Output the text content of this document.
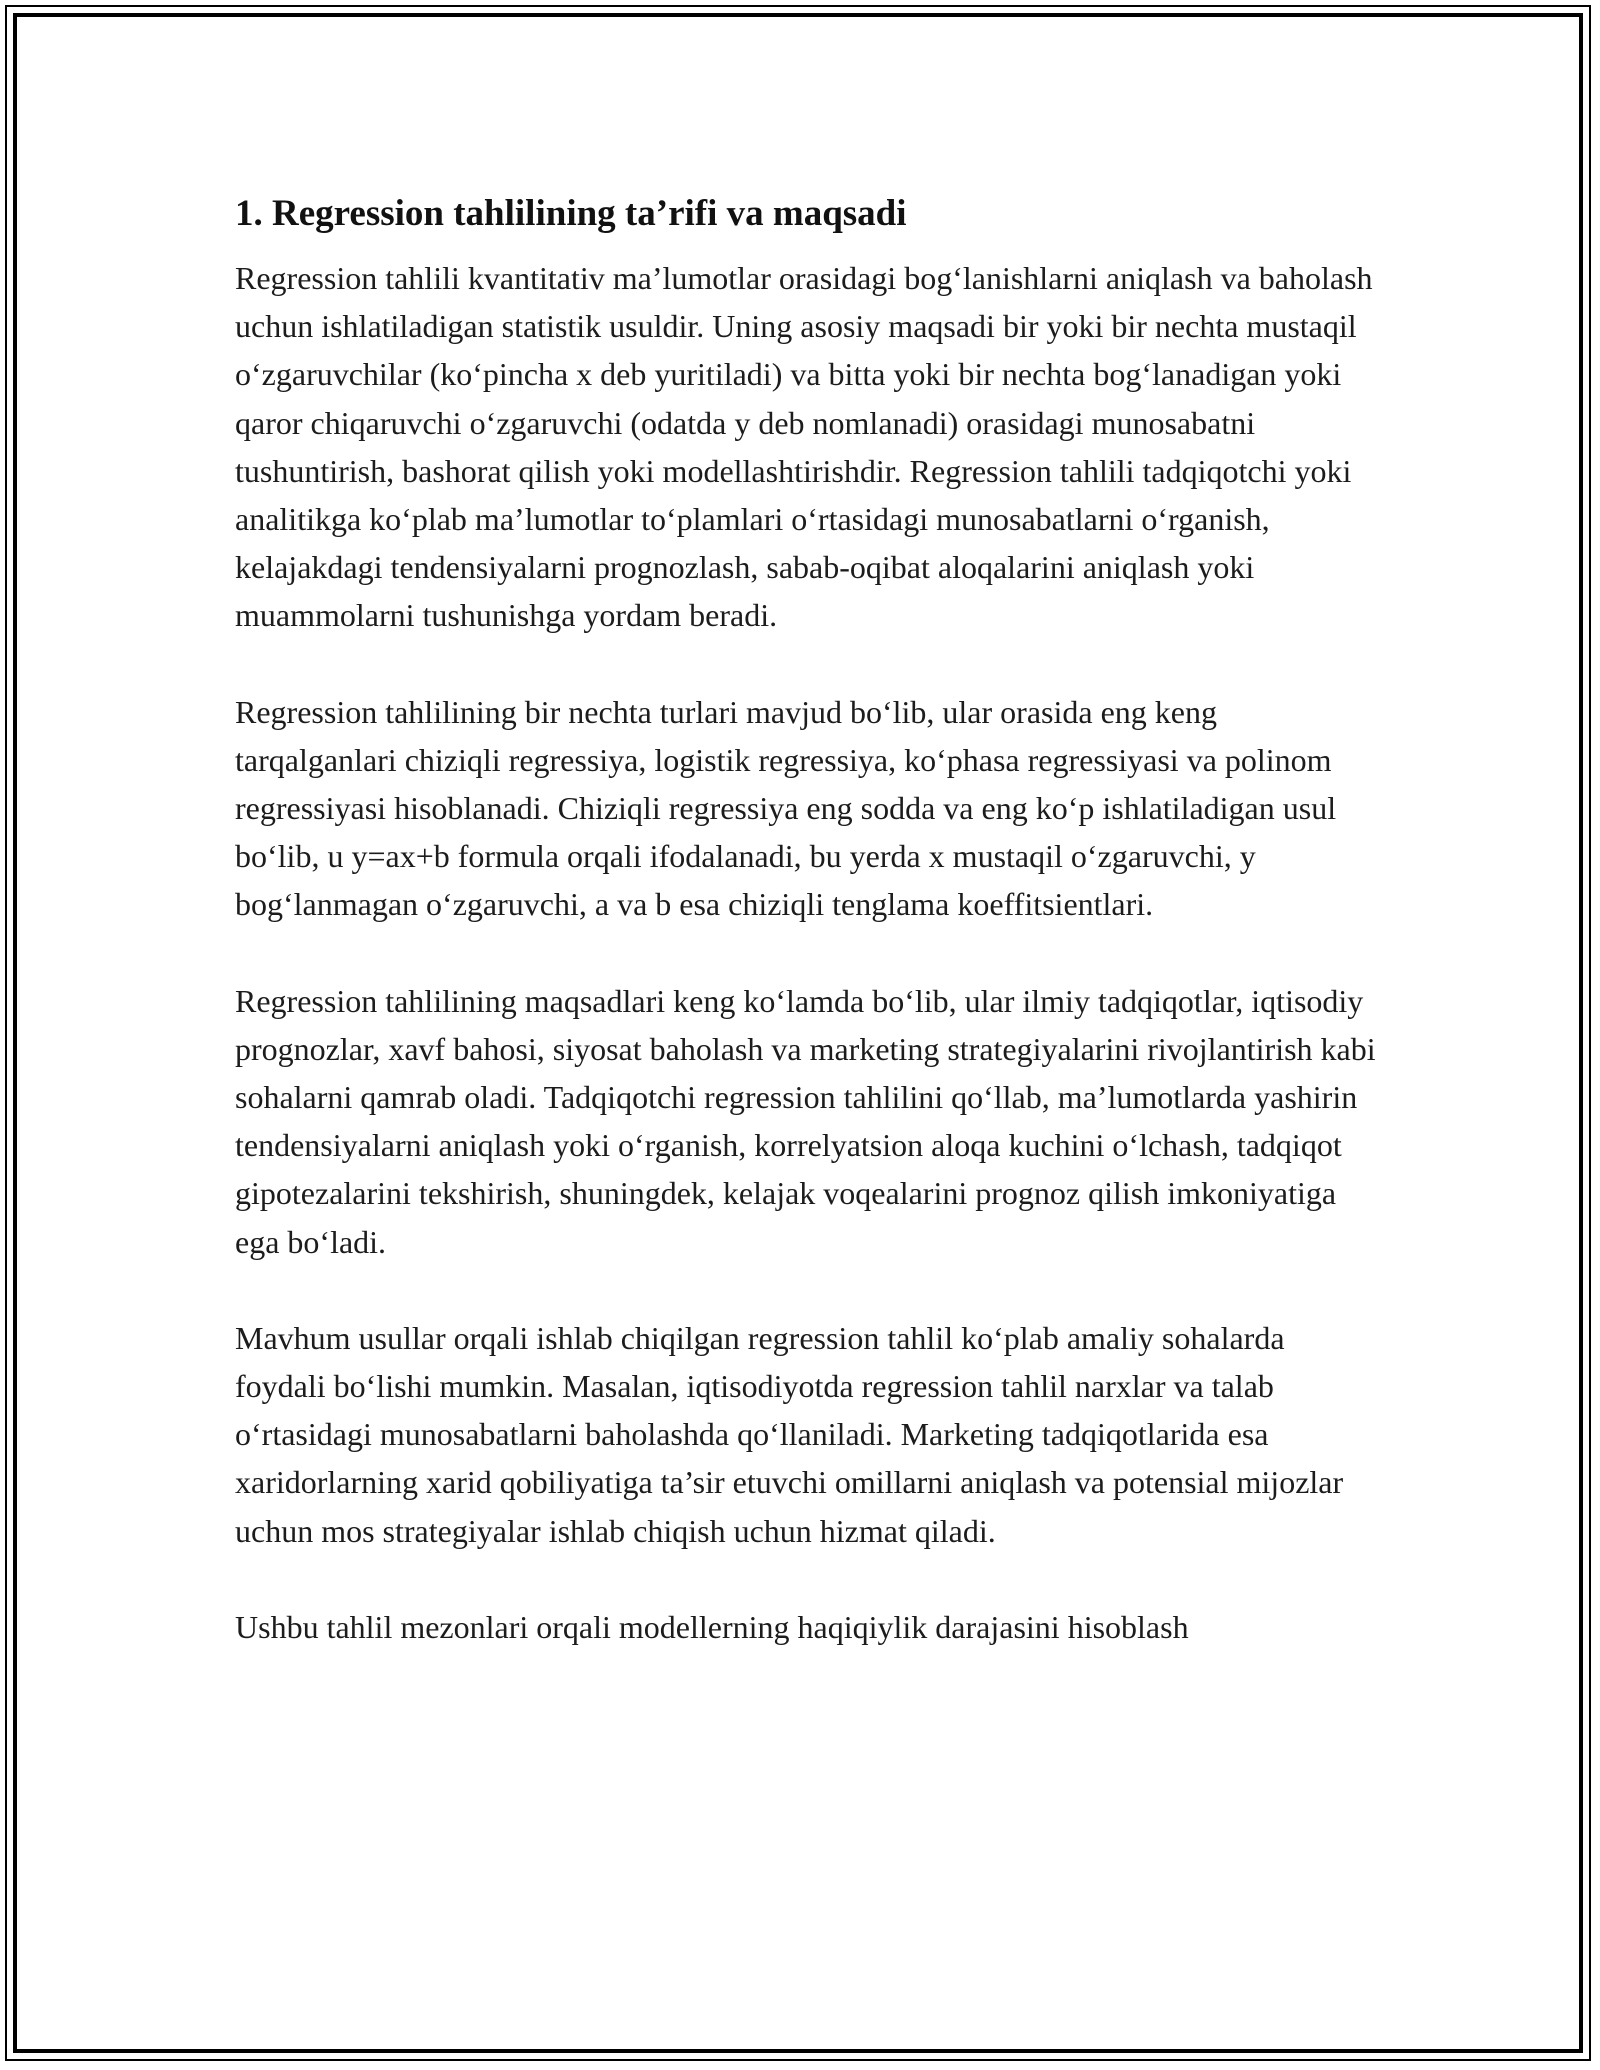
1. Regression tahlilining ta’rifi va maqsadi

Regression tahlili kvantitativ ma’lumotlar orasidagi bog‘lanishlarni aniqlash va baholash uchun ishlatiladigan statistik usuldir. Uning asosiy maqsadi bir yoki bir nechta mustaqil o‘zgaruvchilar (ko‘pincha x deb yuritiladi) va bitta yoki bir nechta bog‘lanadigan yoki qaror chiqaruvchi o‘zgaruvchi (odatda y deb nomlanadi) orasidagi munosabatni tushuntirish, bashorat qilish yoki modellashtirishdir. Regression tahlili tadqiqotchi yoki analitikga ko‘plab ma’lumotlar to‘plamlari o‘rtasidagi munosabatlarni o‘rganish, kelajakdagi tendensiyalarni prognozlash, sabab-oqibat aloqalarini aniqlash yoki muammolarni tushunishga yordam beradi.

Regression tahlilining bir nechta turlari mavjud bo‘lib, ular orasida eng keng tarqalganlari chiziqli regressiya, logistik regressiya, ko‘phasa regressiyasi va polinom regressiyasi hisoblanadi. Chiziqli regressiya eng sodda va eng ko‘p ishlatiladigan usul bo‘lib, u y=ax+b formula orqali ifodalanadi, bu yerda x mustaqil o‘zgaruvchi, y bog‘lanmagan o‘zgaruvchi, a va b esa chiziqli tenglama koeffitsientlari.

Regression tahlilining maqsadlari keng ko‘lamda bo‘lib, ular ilmiy tadqiqotlar, iqtisodiy prognozlar, xavf bahosi, siyosat baholash va marketing strategiyalarini rivojlantirish kabi sohalarni qamrab oladi. Tadqiqotchi regression tahlilini qo‘llab, ma’lumotlarda yashirin tendensiyalarni aniqlash yoki o‘rganish, korrelyatsion aloqa kuchini o‘lchash, tadqiqot gipotezalarini tekshirish, shuningdek, kelajak voqealarini prognoz qilish imkoniyatiga ega bo‘ladi.

Mavhum usullar orqali ishlab chiqilgan regression tahlil ko‘plab amaliy sohalarda foydali bo‘lishi mumkin. Masalan, iqtisodiyotda regression tahlil narxlar va talab o‘rtasidagi munosabatlarni baholashda qo‘llaniladi. Marketing tadqiqotlarida esa xaridorlarning xarid qobiliyatiga ta’sir etuvchi omillarni aniqlash va potensial mijozlar uchun mos strategiyalar ishlab chiqish uchun hizmat qiladi.

Ushbu tahlil mezonlari orqali modellerning haqiqiylik darajasini hisoblash
